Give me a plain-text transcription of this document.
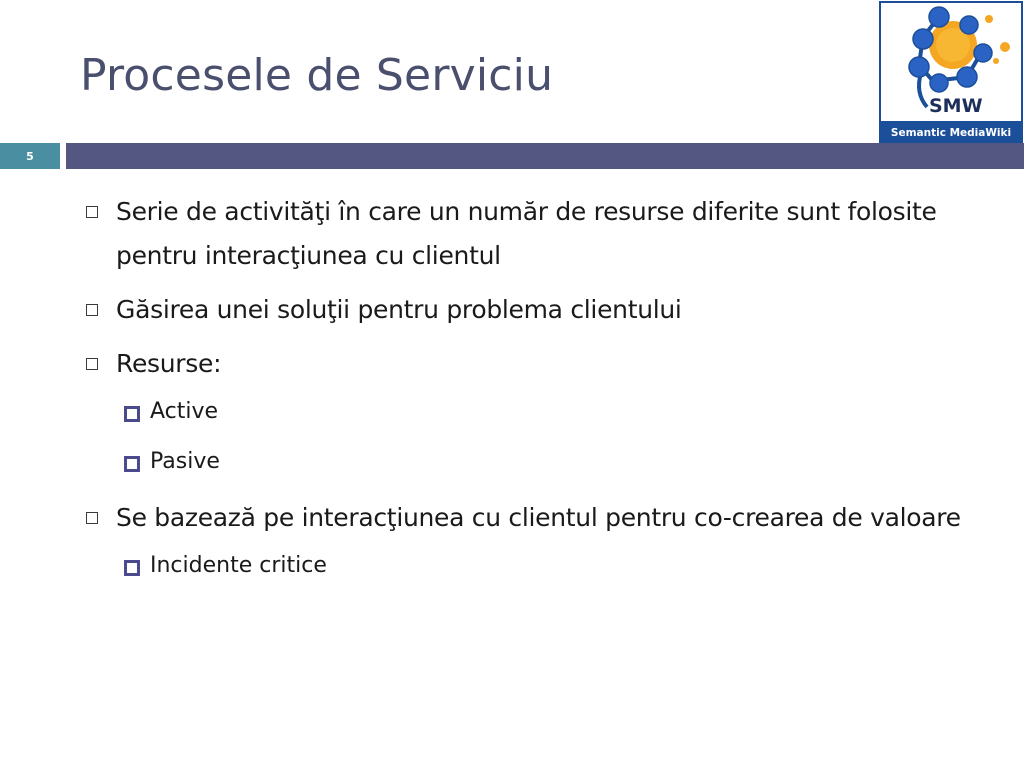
Procesele de Serviciu
SMW
Semantic MediaWiki
5
Serie de activităţi în care un număr de resurse diferite sunt folosite pentru interacţiunea cu clientul
Găsirea unei soluţii pentru problema clientului
Resurse:
Active
Pasive
Se bazează pe interacţiunea cu clientul pentru co-crearea de valoare
Incidente critice
